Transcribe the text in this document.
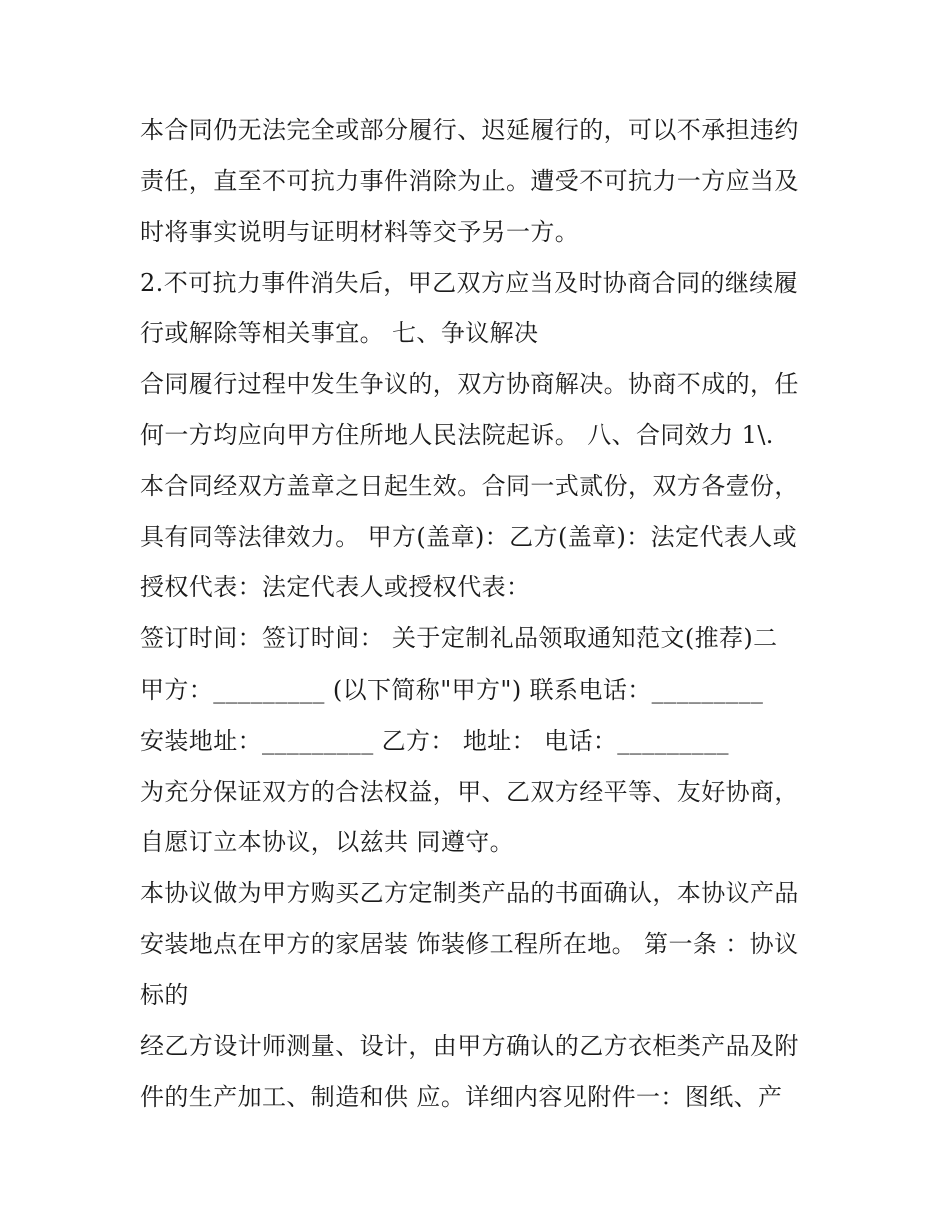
本合同仍无法完全或部分履行、迟延履行的，可以不承担违约
责任，直至不可抗力事件消除为止。遭受不可抗力一方应当及
时将事实说明与证明材料等交予另一方。
2.不可抗力事件消失后，甲乙双方应当及时协商合同的继续履
行或解除等相关事宜。 七、争议解决
合同履行过程中发生争议的，双方协商解决。协商不成的，任
何一方均应向甲方住所地人民法院起诉。 八、合同效力 1\.
本合同经双方盖章之日起生效。合同一式贰份，双方各壹份，
具有同等法律效力。 甲方(盖章)：乙方(盖章)：法定代表人或
授权代表：法定代表人或授权代表：
签订时间：签订时间： 关于定制礼品领取通知范文(推荐)二
甲方：_________ (以下简称"甲方") 联系电话：_________
安装地址：_________ 乙方： 地址： 电话：_________
为充分保证双方的合法权益，甲、乙双方经平等、友好协商，
自愿订立本协议，以兹共 同遵守。
本协议做为甲方购买乙方定制类产品的书面确认，本协议产品
安装地点在甲方的家居装 饰装修工程所在地。 第一条 ：协议
标的
经乙方设计师测量、设计，由甲方确认的乙方衣柜类产品及附
件的生产加工、制造和供 应。详细内容见附件一：图纸、产
